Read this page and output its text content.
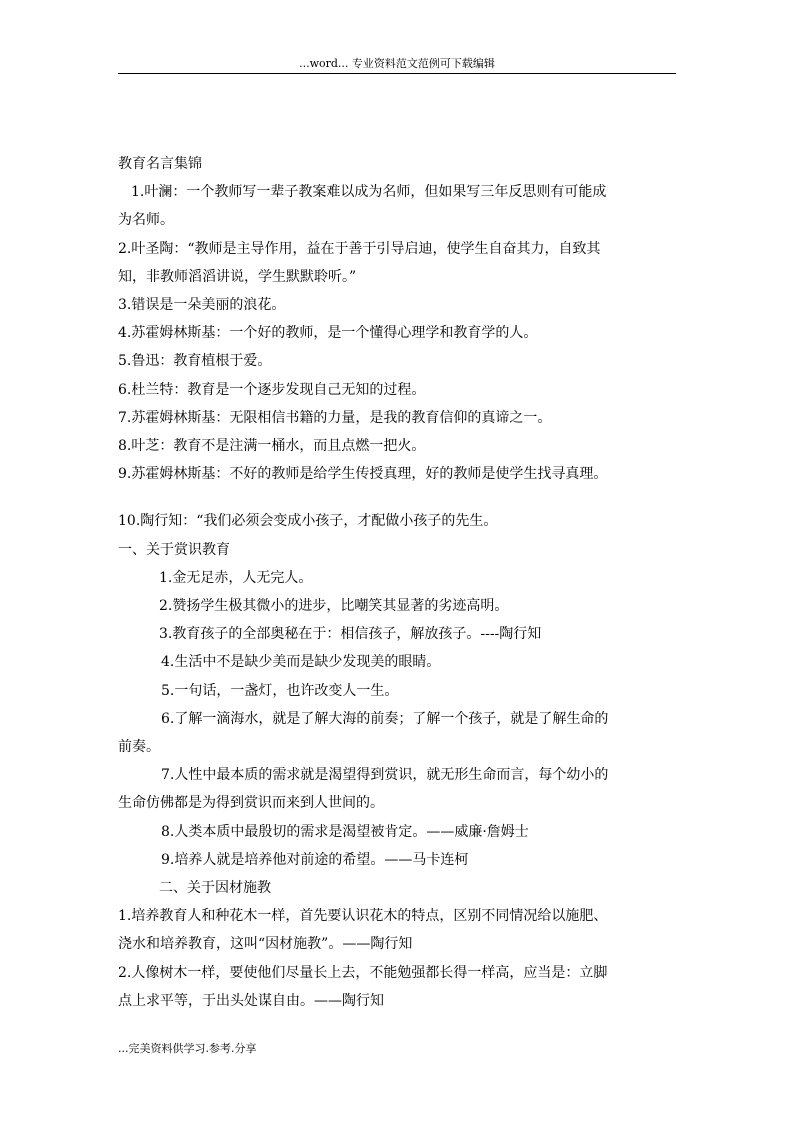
...word... 专业资料范文范例可下载编辑
教育名言集锦
1.叶澜：一个教师写一辈子教案难以成为名师，但如果写三年反思则有可能成
为名师。
2.叶圣陶：“教师是主导作用，益在于善于引导启迪，使学生自奋其力，自致其
知，非教师滔滔讲说，学生默默聆听。”
3.错误是一朵美丽的浪花。
4.苏霍姆林斯基：一个好的教师，是一个懂得心理学和教育学的人。
5.鲁迅：教育植根于爱。
6.杜兰特：教育是一个逐步发现自己无知的过程。
7.苏霍姆林斯基：无限相信书籍的力量，是我的教育信仰的真谛之一。
8.叶芝：教育不是注满一桶水，而且点燃一把火。
9.苏霍姆林斯基：不好的教师是给学生传授真理，好的教师是使学生找寻真理。
10.陶行知：“我们必须会变成小孩子，才配做小孩子的先生。
一、关于赏识教育
1.金无足赤，人无完人。
2.赞扬学生极其微小的进步，比嘲笑其显著的劣迹高明。
3.教育孩子的全部奥秘在于：相信孩子，解放孩子。----陶行知
4.生活中不是缺少美而是缺少发现美的眼睛。
5.一句话，一盏灯，也许改变人一生。
6.了解一滴海水，就是了解大海的前奏；了解一个孩子，就是了解生命的
前奏。
7.人性中最本质的需求就是渴望得到赏识，就无形生命而言，每个幼小的
生命仿佛都是为得到赏识而来到人世间的。
8.人类本质中最殷切的需求是渴望被肯定。——威廉·詹姆士
9.培养人就是培养他对前途的希望。——马卡连柯
二、关于因材施教
1.培养教育人和种花木一样，首先要认识花木的特点，区别不同情况给以施肥、
浇水和培养教育，这叫“因材施教”。——陶行知
2.人像树木一样，要使他们尽量长上去，不能勉强都长得一样高，应当是：立脚
点上求平等，于出头处谋自由。——陶行知
...完美资料供学习.参考.分享
